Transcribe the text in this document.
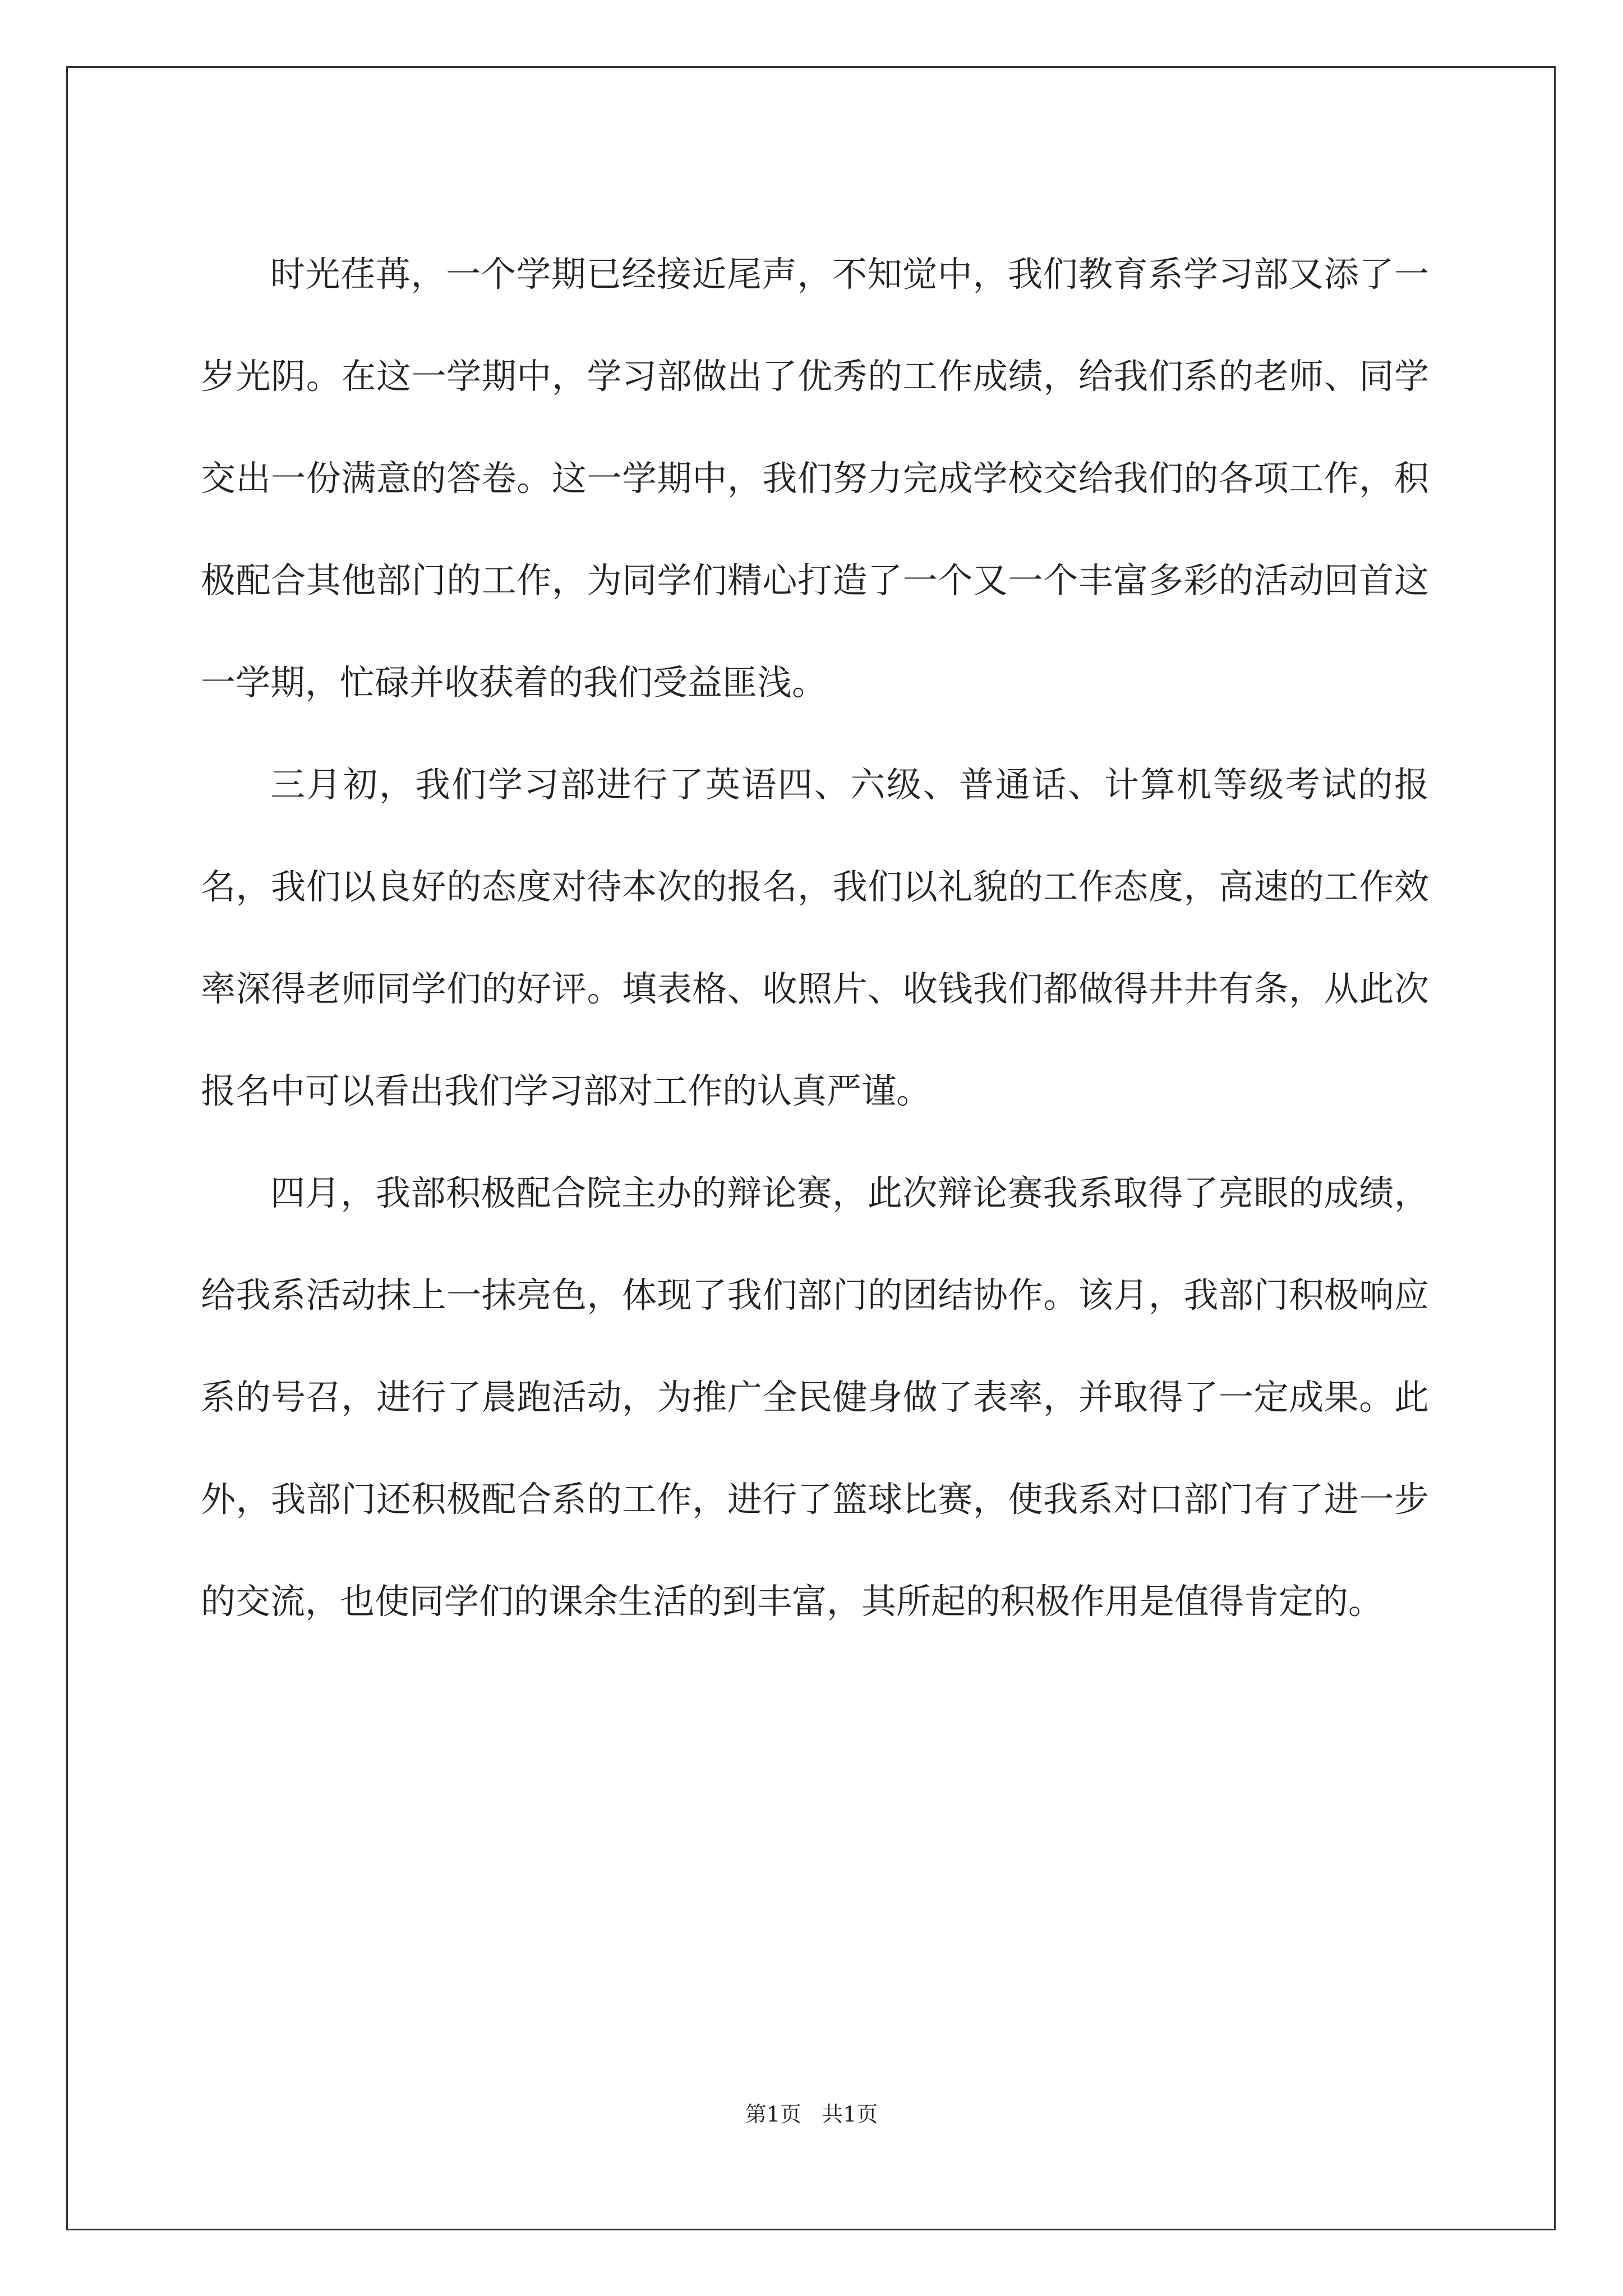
时光荏苒，一个学期已经接近尾声，不知觉中，我们教育系学习部又添了一岁光阴。在这一学期中，学习部做出了优秀的工作成绩，给我们系的老师、同学交出一份满意的答卷。这一学期中，我们努力完成学校交给我们的各项工作，积极配合其他部门的工作，为同学们精心打造了一个又一个丰富多彩的活动回首这一学期，忙碌并收获着的我们受益匪浅。

三月初，我们学习部进行了英语四、六级、普通话、计算机等级考试的报名，我们以良好的态度对待本次的报名，我们以礼貌的工作态度，高速的工作效率深得老师同学们的好评。填表格、收照片、收钱我们都做得井井有条，从此次报名中可以看出我们学习部对工作的认真严谨。

四月，我部积极配合院主办的辩论赛，此次辩论赛我系取得了亮眼的成绩，给我系活动抹上一抹亮色，体现了我们部门的团结协作。该月，我部门积极响应系的号召，进行了晨跑活动，为推广全民健身做了表率，并取得了一定成果。此外，我部门还积极配合系的工作，进行了篮球比赛，使我系对口部门有了进一步的交流，也使同学们的课余生活的到丰富，其所起的积极作用是值得肯定的。

第1页 共1页
